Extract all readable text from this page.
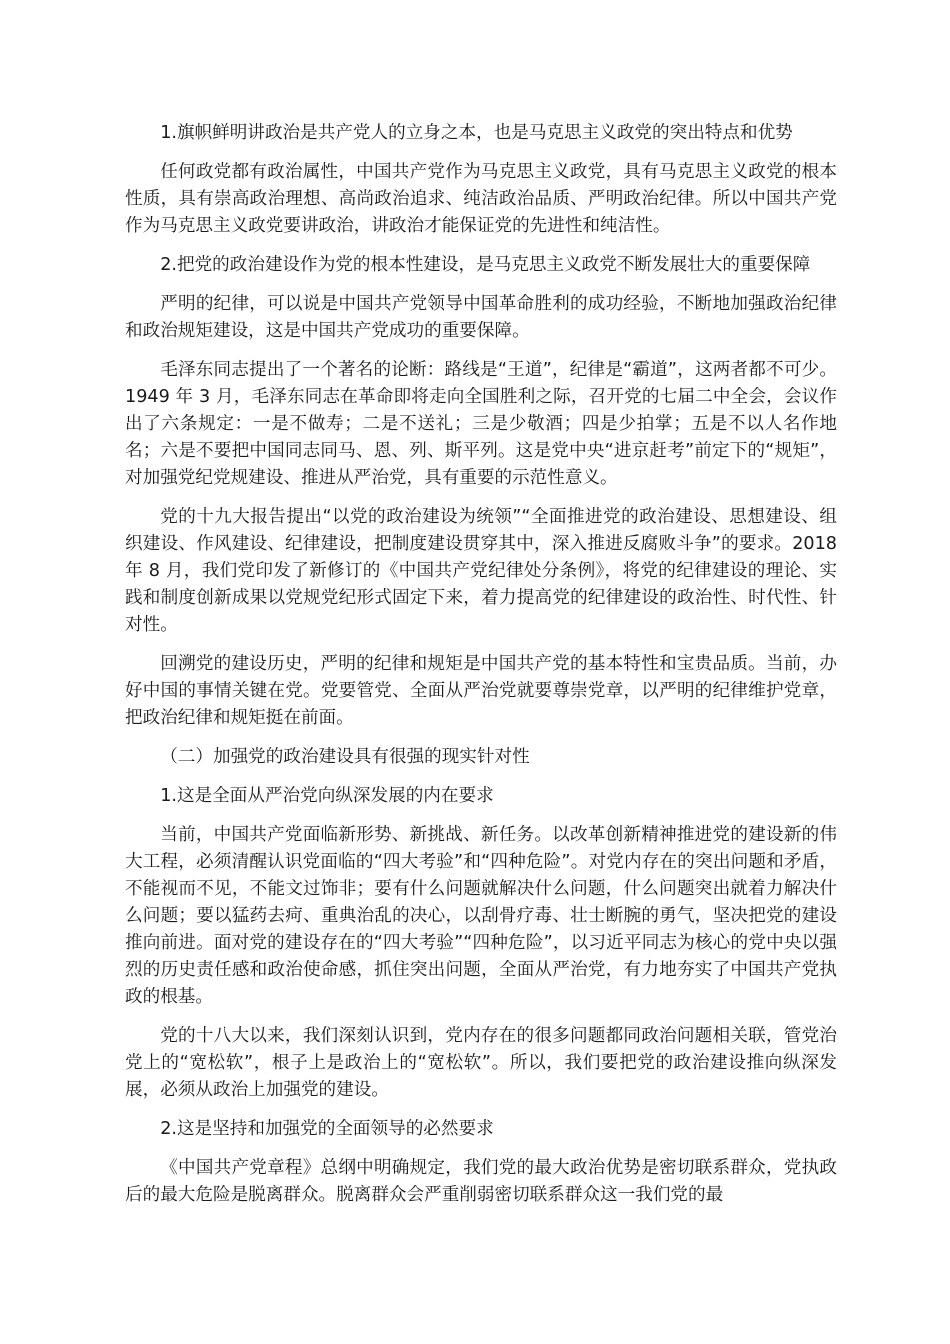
1.旗帜鲜明讲政治是共产党人的立身之本，也是马克思主义政党的突出特点和优势

任何政党都有政治属性，中国共产党作为马克思主义政党，具有马克思主义政党的根本性质，具有崇高政治理想、高尚政治追求、纯洁政治品质、严明政治纪律。所以中国共产党作为马克思主义政党要讲政治，讲政治才能保证党的先进性和纯洁性。

2.把党的政治建设作为党的根本性建设，是马克思主义政党不断发展壮大的重要保障

严明的纪律，可以说是中国共产党领导中国革命胜利的成功经验，不断地加强政治纪律和政治规矩建设，这是中国共产党成功的重要保障。

毛泽东同志提出了一个著名的论断：路线是“王道”，纪律是“霸道”，这两者都不可少。1949 年 3 月，毛泽东同志在革命即将走向全国胜利之际，召开党的七届二中全会，会议作出了六条规定：一是不做寿；二是不送礼；三是少敬酒；四是少拍掌；五是不以人名作地名；六是不要把中国同志同马、恩、列、斯平列。这是党中央“进京赶考”前定下的“规矩”，对加强党纪党规建设、推进从严治党，具有重要的示范性意义。

党的十九大报告提出“以党的政治建设为统领”“全面推进党的政治建设、思想建设、组织建设、作风建设、纪律建设，把制度建设贯穿其中，深入推进反腐败斗争”的要求。2018 年 8 月，我们党印发了新修订的《中国共产党纪律处分条例》，将党的纪律建设的理论、实践和制度创新成果以党规党纪形式固定下来，着力提高党的纪律建设的政治性、时代性、针对性。

回溯党的建设历史，严明的纪律和规矩是中国共产党的基本特性和宝贵品质。当前，办好中国的事情关键在党。党要管党、全面从严治党就要尊崇党章，以严明的纪律维护党章，把政治纪律和规矩挺在前面。

（二）加强党的政治建设具有很强的现实针对性

1.这是全面从严治党向纵深发展的内在要求

当前，中国共产党面临新形势、新挑战、新任务。以改革创新精神推进党的建设新的伟大工程，必须清醒认识党面临的“四大考验”和“四种危险”。对党内存在的突出问题和矛盾，不能视而不见，不能文过饰非；要有什么问题就解决什么问题，什么问题突出就着力解决什么问题；要以猛药去疴、重典治乱的决心，以刮骨疗毒、壮士断腕的勇气，坚决把党的建设推向前进。面对党的建设存在的“四大考验”“四种危险”，以习近平同志为核心的党中央以强烈的历史责任感和政治使命感，抓住突出问题，全面从严治党，有力地夯实了中国共产党执政的根基。

党的十八大以来，我们深刻认识到，党内存在的很多问题都同政治问题相关联，管党治党上的“宽松软”，根子上是政治上的“宽松软”。所以，我们要把党的政治建设推向纵深发展，必须从政治上加强党的建设。

2.这是坚持和加强党的全面领导的必然要求

《中国共产党章程》总纲中明确规定，我们党的最大政治优势是密切联系群众，党执政后的最大危险是脱离群众。脱离群众会严重削弱密切联系群众这一我们党的最
